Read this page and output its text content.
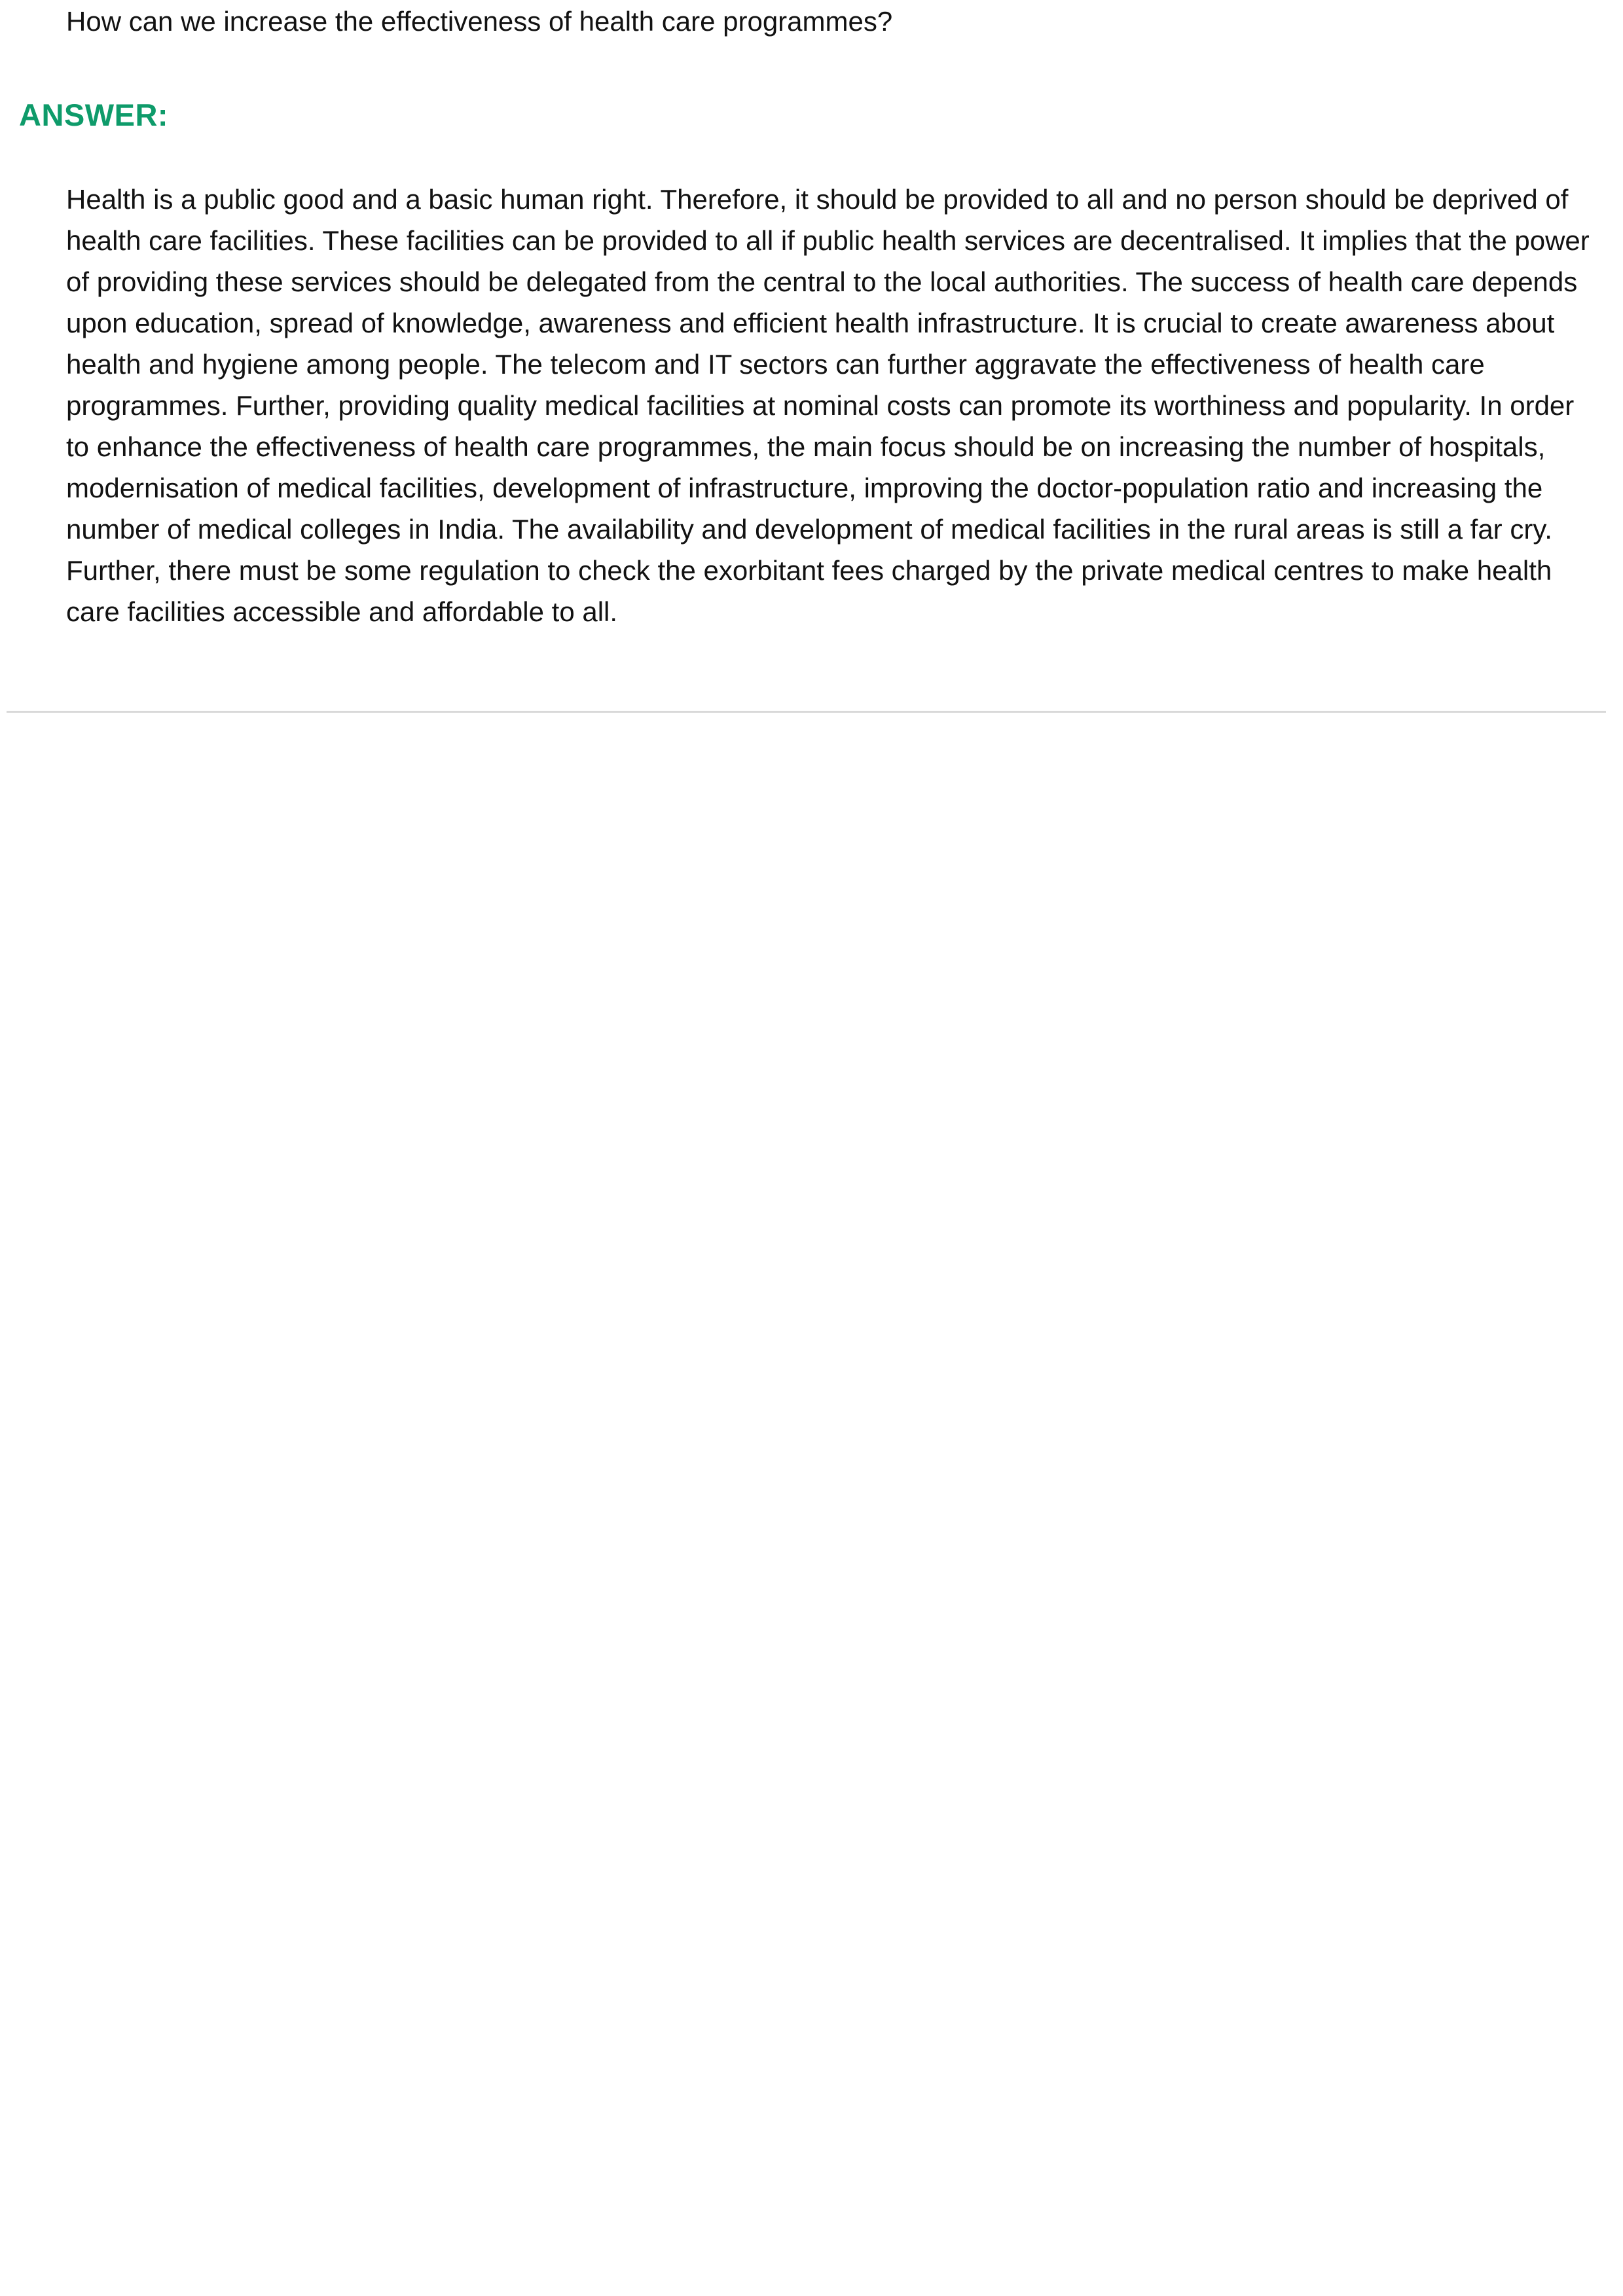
How can we increase the effectiveness of health care programmes?
ANSWER:
Health is a public good and a basic human right. Therefore, it should be provided to all and no person should be deprived of health care facilities. These facilities can be provided to all if public health services are decentralised. It implies that the power of providing these services should be delegated from the central to the local authorities. The success of health care depends upon education, spread of knowledge, awareness and efficient health infrastructure. It is crucial to create awareness about health and hygiene among people. The telecom and IT sectors can further aggravate the effectiveness of health care programmes. Further, providing quality medical facilities at nominal costs can promote its worthiness and popularity. In order to enhance the effectiveness of health care programmes, the main focus should be on increasing the number of hospitals, modernisation of medical facilities, development of infrastructure, improving the doctor-population ratio and increasing the number of medical colleges in India. The availability and development of medical facilities in the rural areas is still a far cry. Further, there must be some regulation to check the exorbitant fees charged by the private medical centres to make health care facilities accessible and affordable to all.
